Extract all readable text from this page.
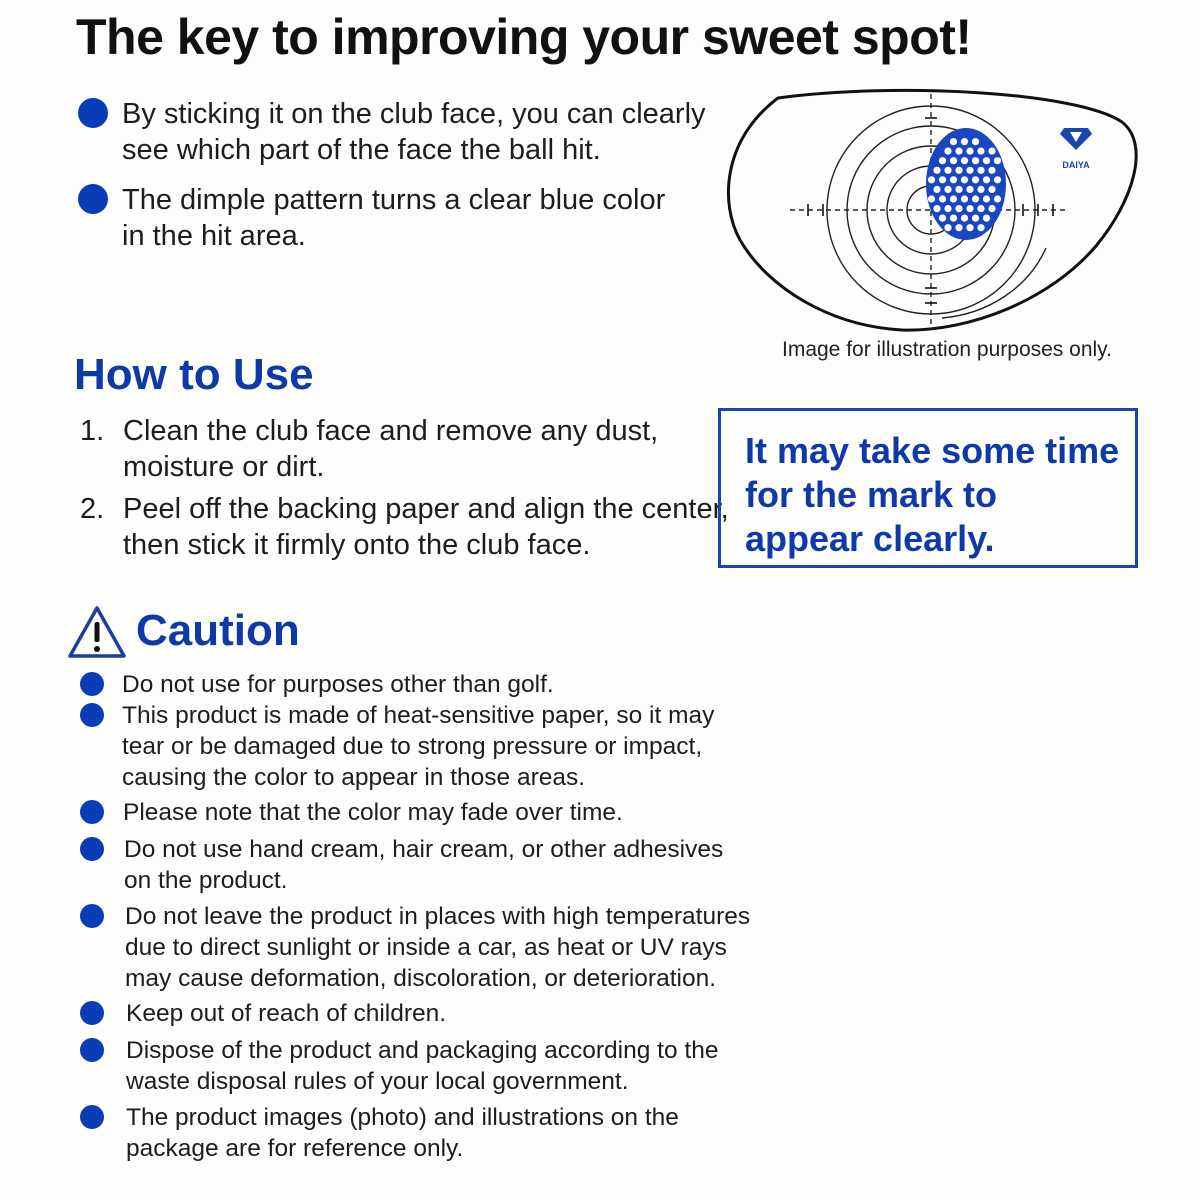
The key to improving your sweet spot!
By sticking it on the club face, you can clearly
see which part of the face the ball hit.
The dimple pattern turns a clear blue color
in the hit area.
DAIYA
Image for illustration purposes only.
How to Use
1. Clean the club face and remove any dust,
moisture or dirt.
2. Peel off the backing paper and align the center,
then stick it firmly onto the club face.
It may take some time for the mark to appear clearly.
Caution
Do not use for purposes other than golf.
This product is made of heat-sensitive paper, so it may
tear or be damaged due to strong pressure or impact,
causing the color to appear in those areas.
Please note that the color may fade over time.
Do not use hand cream, hair cream, or other adhesives
on the product.
Do not leave the product in places with high temperatures
due to direct sunlight or inside a car, as heat or UV rays
may cause deformation, discoloration, or deterioration.
Keep out of reach of children.
Dispose of the product and packaging according to the
waste disposal rules of your local government.
The product images (photo) and illustrations on the
package are for reference only.
